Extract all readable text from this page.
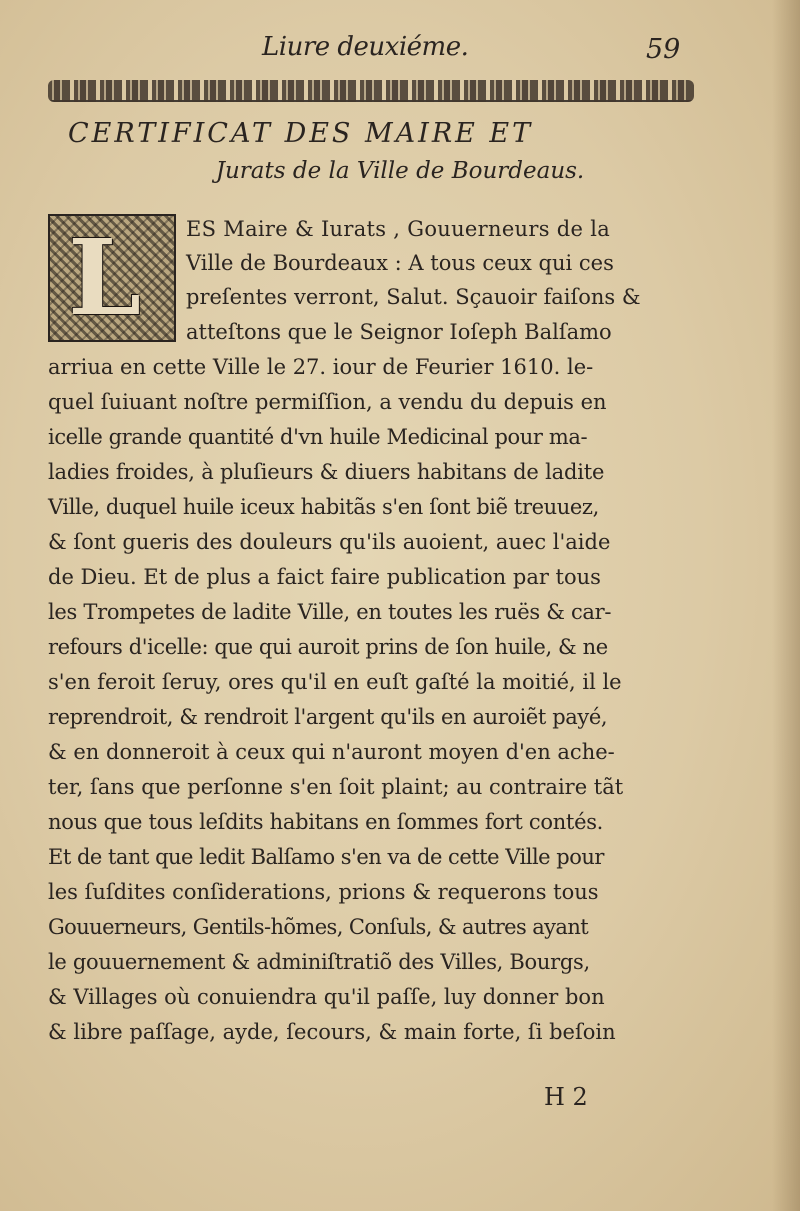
Liure deuxiéme.	59
CERTIFICAT DES MAIRE ET
Jurats de la Ville de Bourdeaus.
L ES Maire & Iurats , Gouuerneurs de la
Ville de Bourdeaux : A tous ceux qui ces
preſentes verront, Salut. Sçauoir faiſons &
atteſtons que le Seignor Ioſeph Balſamo
arriua en cette Ville le 27. iour de Feurier 1610. le-
quel ſuiuant noſtre permiſſion, a vendu du depuis en
icelle grande quantité d'vn huile Medicinal pour ma-
ladies froides, à pluſieurs & diuers habitans de ladite
Ville, duquel huile iceux habitãs s'en ſont biẽ treuuez,
& ſont gueris des douleurs qu'ils auoient, auec l'aide
de Dieu. Et de plus a faict faire publication par tous
les Trompetes de ladite Ville, en toutes les ruës & car-
refours d'icelle: que qui auroit prins de ſon huile, & ne
s'en feroit ſeruy, ores qu'il en euſt gaſté la moitié, il le
reprendroit, & rendroit l'argent qu'ils en auroiẽt payé,
& en donneroit à ceux qui n'auront moyen d'en ache-
ter, ſans que perſonne s'en ſoit plaint; au contraire tãt
nous que tous leſdits habitans en ſommes fort contés.
Et de tant que ledit Balſamo s'en va de cette Ville pour
les ſuſdites conſiderations, prions & requerons tous
Gouuerneurs, Gentils-hõmes, Conſuls, & autres ayant
le gouuernement & adminiſtratiõ des Villes, Bourgs,
& Villages où conuiendra qu'il paſſe, luy donner bon
& libre paſſage, ayde, ſecours, & main forte, ſi beſoin
H 2
